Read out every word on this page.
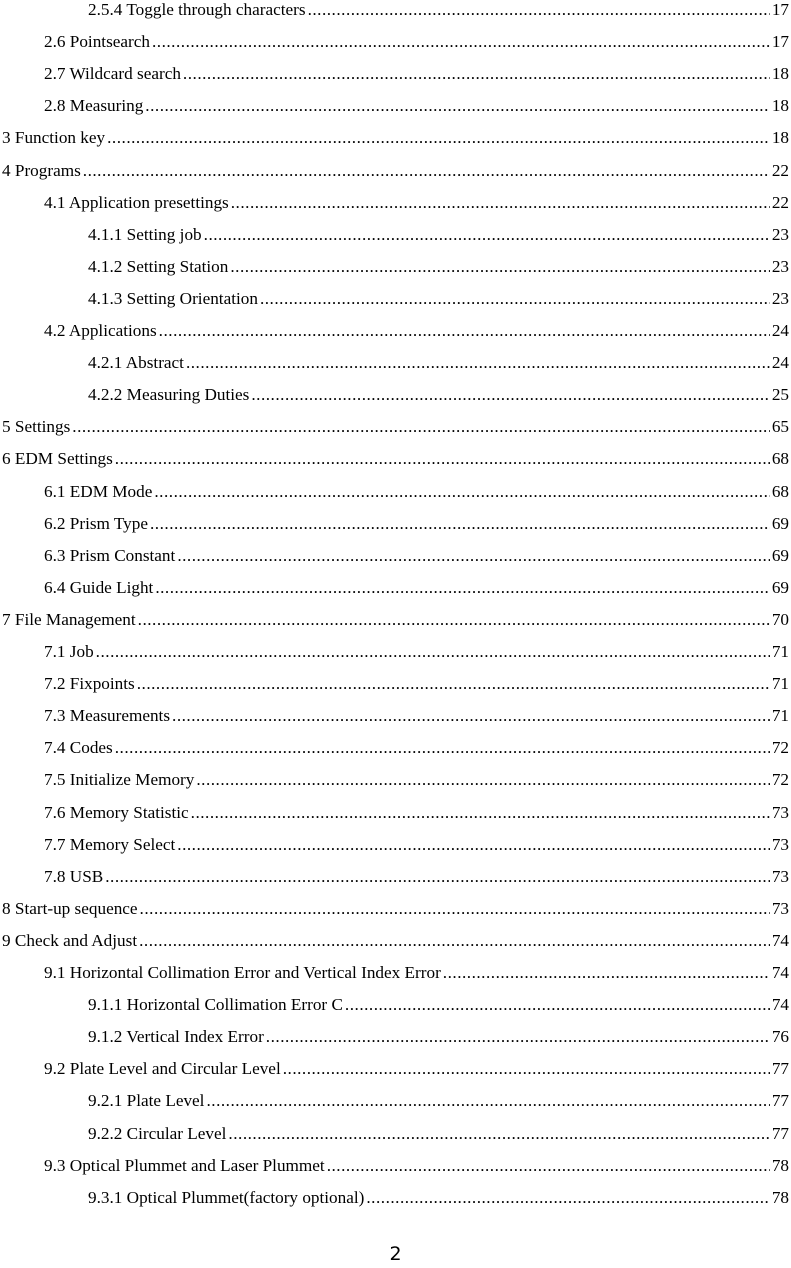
2.5.4 Toggle through characters .....	17
2.6 Pointsearch .....	17
2.7 Wildcard search .....	18
2.8 Measuring .....	18
3 Function key .....	18
4 Programs .....	22
4.1 Application presettings .....	22
4.1.1 Setting job .....	23
4.1.2 Setting Station .....	23
4.1.3 Setting Orientation .....	23
4.2 Applications .....	24
4.2.1 Abstract .....	24
4.2.2 Measuring Duties .....	25
5 Settings .....	65
6 EDM Settings .....	68
6.1 EDM Mode .....	68
6.2 Prism Type .....	69
6.3 Prism Constant .....	69
6.4 Guide Light .....	69
7 File Management .....	70
7.1 Job .....	71
7.2 Fixpoints .....	71
7.3 Measurements .....	71
7.4 Codes .....	72
7.5 Initialize Memory .....	72
7.6 Memory Statistic .....	73
7.7 Memory Select .....	73
7.8 USB .....	73
8 Start-up sequence .....	73
9 Check and Adjust .....	74
9.1 Horizontal Collimation Error and Vertical Index Error .....	74
9.1.1 Horizontal Collimation Error C .....	74
9.1.2 Vertical Index Error .....	76
9.2 Plate Level and Circular Level .....	77
9.2.1 Plate Level .....	77
9.2.2 Circular Level .....	77
9.3 Optical Plummet and Laser Plummet .....	78
9.3.1 Optical Plummet(factory optional) .....	78
2
